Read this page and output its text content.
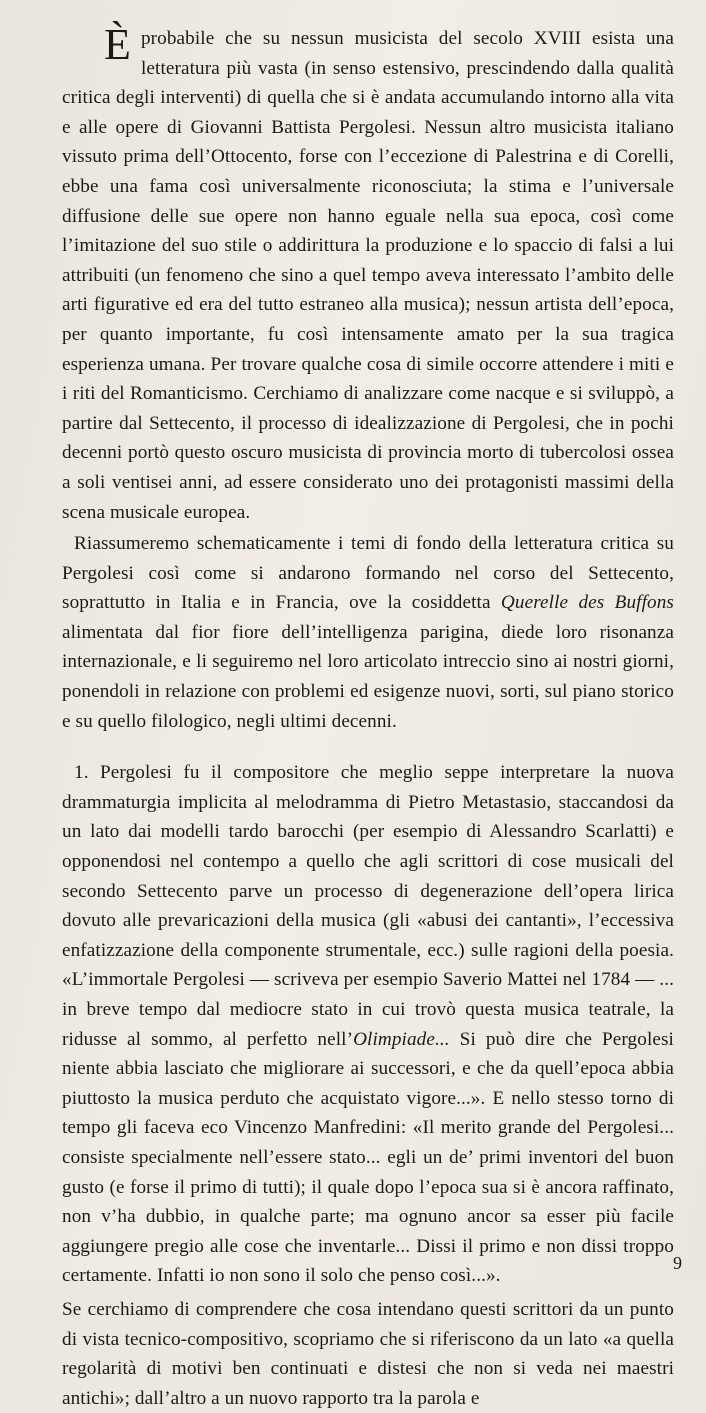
Èprobabile che su nessun musicista del secolo XVIII esista una letteratura più vasta (in senso estensivo, prescindendo dalla qualità critica degli interventi) di quella che si è andata accumulando intorno alla vita e alle opere di Giovanni Battista Pergolesi. Nessun altro musicista italiano vissuto prima dell’Ottocento, forse con l’eccezione di Palestrina e di Corelli, ebbe una fama così universalmente riconosciuta; la stima e l’universale diffusione delle sue opere non hanno eguale nella sua epoca, così come l’imitazione del suo stile o addirittura la produzione e lo spaccio di falsi a lui attribuiti (un fenomeno che sino a quel tempo aveva interessato l’ambito delle arti figurative ed era del tutto estraneo alla musica); nessun artista dell’epoca, per quanto importante, fu così intensamente amato per la sua tragica esperienza umana. Per trovare qualche cosa di simile occorre attendere i miti e i riti del Romanticismo. Cerchiamo di analizzare come nacque e si sviluppò, a partire dal Settecento, il processo di idealizzazione di Pergolesi, che in pochi decenni portò questo oscuro musicista di provincia morto di tubercolosi ossea a soli ventisei anni, ad essere considerato uno dei protagonisti massimi della scena musicale europea.

Riassumeremo schematicamente i temi di fondo della letteratura critica su Pergolesi così come si andarono formando nel corso del Settecento, soprattutto in Italia e in Francia, ove la cosiddetta Querelle des Buffons alimentata dal fior fiore dell’intelligenza parigina, diede loro risonanza internazionale, e li seguiremo nel loro articolato intreccio sino ai nostri giorni, ponendoli in relazione con problemi ed esigenze nuovi, sorti, sul piano storico e su quello filologico, negli ultimi decenni.

1. Pergolesi fu il compositore che meglio seppe interpretare la nuova drammaturgia implicita al melodramma di Pietro Metastasio, staccandosi da un lato dai modelli tardo barocchi (per esempio di Alessandro Scarlatti) e opponendosi nel contempo a quello che agli scrittori di cose musicali del secondo Settecento parve un processo di degenerazione dell’opera lirica dovuto alle prevaricazioni della musica (gli «abusi dei cantanti», l’eccessiva enfatizzazione della componente strumentale, ecc.) sulle ragioni della poesia. «L’immortale Pergolesi — scriveva per esempio Saverio Mattei nel 1784 — ... in breve tempo dal mediocre stato in cui trovò questa musica teatrale, la ridusse al sommo, al perfetto nell’Olimpiade... Si può dire che Pergolesi niente abbia lasciato che migliorare ai successori, e che da quell’epoca abbia piuttosto la musica perduto che acquistato vigore...». E nello stesso torno di tempo gli faceva eco Vincenzo Manfredini: «Il merito grande del Pergolesi... consiste specialmente nell’essere stato... egli un de’ primi inventori del buon gusto (e forse il primo di tutti); il quale dopo l’epoca sua si è ancora raffinato, non v’ha dubbio, in qualche parte; ma ognuno ancor sa esser più facile aggiungere pregio alle cose che inventarle... Dissi il primo e non dissi troppo certamente. Infatti io non sono il solo che penso così...».

Se cerchiamo di comprendere che cosa intendano questi scrittori da un punto di vista tecnico-compositivo, scopriamo che si riferiscono da un lato «a quella regolarità di motivi ben continuati e distesi che non si veda nei maestri antichi»; dall’altro a un nuovo rapporto tra la parola e

9
